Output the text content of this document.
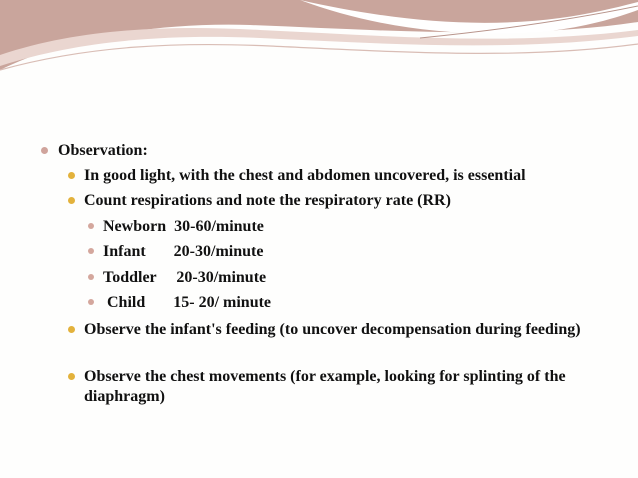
Observation:
In good light, with the chest and abdomen uncovered, is essential
Count respirations and note the respiratory rate (RR)
Newborn  30-60/minute
Infant       20-30/minute
Toddler     20-30/minute
Child       15- 20/ minute
Observe the infant's feeding (to uncover decompensation during feeding)
Observe the chest movements (for example, looking for splinting of the diaphragm)
